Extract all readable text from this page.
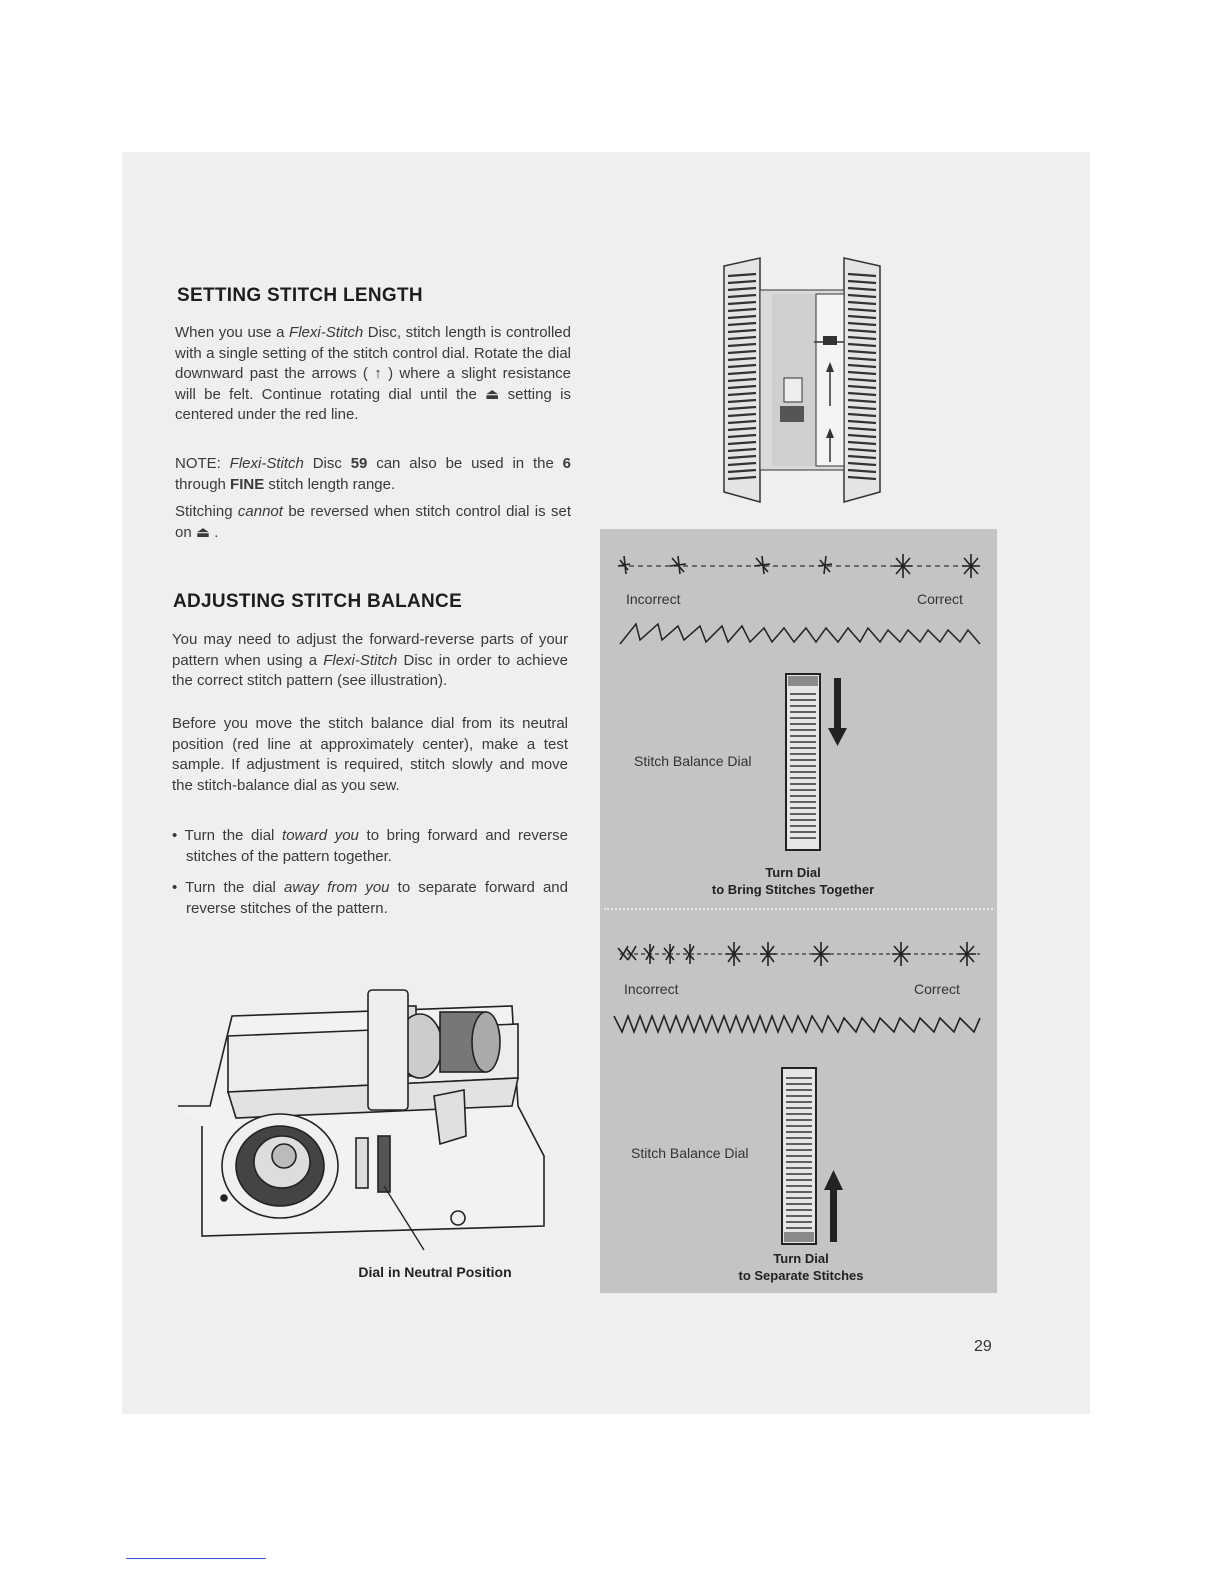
SETTING STITCH LENGTH

When you use a Flexi-Stitch Disc, stitch length is controlled with a single setting of the stitch control dial. Rotate the dial downward past the arrows ( ↑ ) where a slight resistance will be felt. Continue rotating dial until the ⏏ setting is centered under the red line.

NOTE: Flexi-Stitch Disc 59 can also be used in the 6 through FINE stitch length range.

Stitching cannot be reversed when stitch control dial is set on ⏏ .

ADJUSTING STITCH BALANCE

You may need to adjust the forward-reverse parts of your pattern when using a Flexi-Stitch Disc in order to achieve the correct stitch pattern (see illustration).

Before you move the stitch balance dial from its neutral position (red line at approximately center), make a test sample. If adjustment is required, stitch slowly and move the stitch-balance dial as you sew.

• Turn the dial toward you to bring forward and reverse stitches of the pattern together.

• Turn the dial away from you to separate forward and reverse stitches of the pattern.

Incorrect	Correct
Stitch Balance Dial
Turn Dial
to Bring Stitches Together
Incorrect	Correct
Stitch Balance Dial
Turn Dial
to Separate Stitches
Dial in Neutral Position
29
